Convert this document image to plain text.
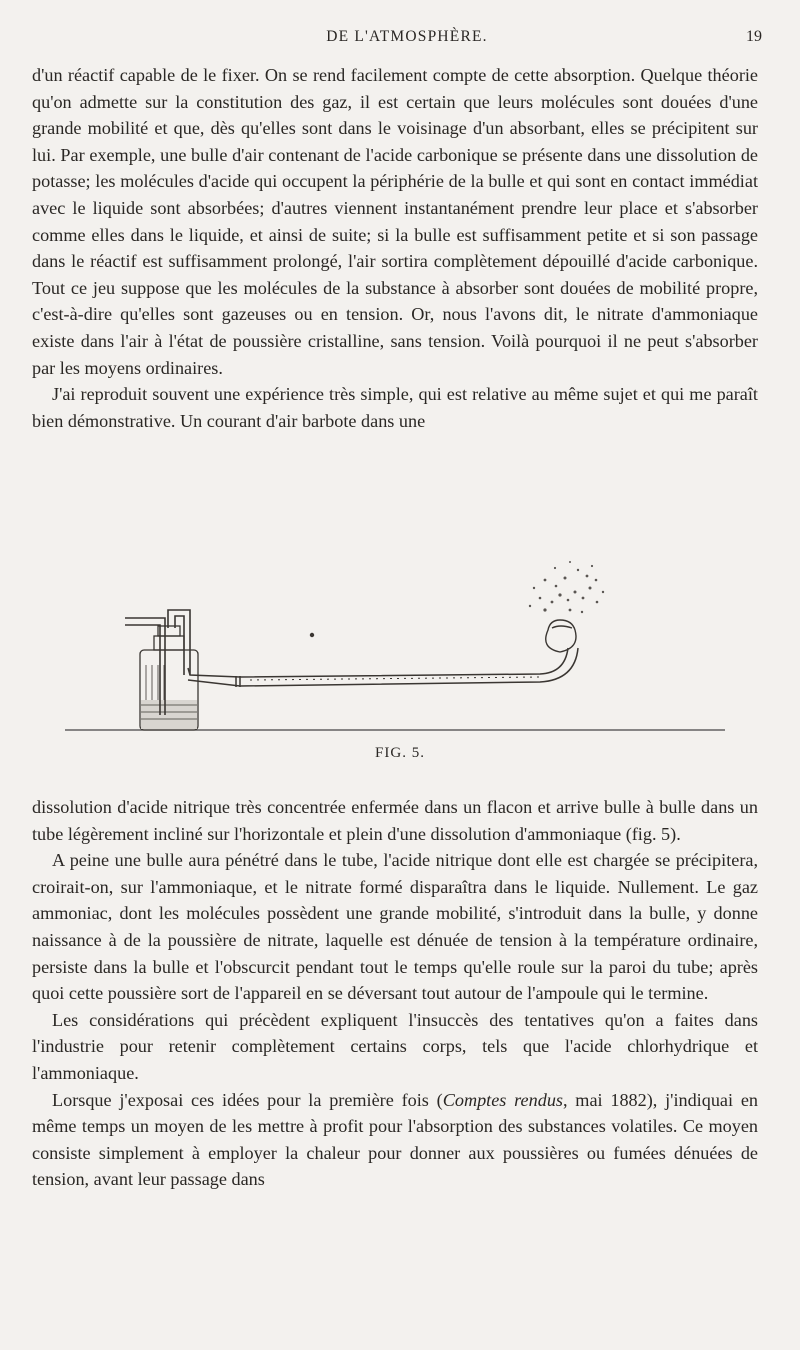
DE L'ATMOSPHÈRE.	19

d'un réactif capable de le fixer. On se rend facilement compte de cette absorption. Quelque théorie qu'on admette sur la constitution des gaz, il est certain que leurs molécules sont douées d'une grande mobilité et que, dès qu'elles sont dans le voisinage d'un absorbant, elles se précipitent sur lui. Par exemple, une bulle d'air contenant de l'acide carbonique se présente dans une dissolution de potasse; les molécules d'acide qui occupent la périphérie de la bulle et qui sont en contact immédiat avec le liquide sont absorbées; d'autres viennent instantanément prendre leur place et s'absorber comme elles dans le liquide, et ainsi de suite; si la bulle est suffisamment petite et si son passage dans le réactif est suffisamment prolongé, l'air sortira complètement dépouillé d'acide carbonique. Tout ce jeu suppose que les molécules de la substance à absorber sont douées de mobilité propre, c'est-à-dire qu'elles sont gazeuses ou en tension. Or, nous l'avons dit, le nitrate d'ammoniaque existe dans l'air à l'état de poussière cristalline, sans tension. Voilà pourquoi il ne peut s'absorber par les moyens ordinaires.

J'ai reproduit souvent une expérience très simple, qui est relative au même sujet et qui me paraît bien démonstrative. Un courant d'air barbote dans une

FIG. 5.

dissolution d'acide nitrique très concentrée enfermée dans un flacon et arrive bulle à bulle dans un tube légèrement incliné sur l'horizontale et plein d'une dissolution d'ammoniaque (fig. 5).

A peine une bulle aura pénétré dans le tube, l'acide nitrique dont elle est chargée se précipitera, croirait-on, sur l'ammoniaque, et le nitrate formé disparaîtra dans le liquide. Nullement. Le gaz ammoniac, dont les molécules possèdent une grande mobilité, s'introduit dans la bulle, y donne naissance à de la poussière de nitrate, laquelle est dénuée de tension à la température ordinaire, persiste dans la bulle et l'obscurcit pendant tout le temps qu'elle roule sur la paroi du tube; après quoi cette poussière sort de l'appareil en se déversant tout autour de l'ampoule qui le termine.

Les considérations qui précèdent expliquent l'insuccès des tentatives qu'on a faites dans l'industrie pour retenir complètement certains corps, tels que l'acide chlorhydrique et l'ammoniaque.

Lorsque j'exposai ces idées pour la première fois (Comptes rendus, mai 1882), j'indiquai en même temps un moyen de les mettre à profit pour l'absorption des substances volatiles. Ce moyen consiste simplement à employer la chaleur pour donner aux poussières ou fumées dénuées de tension, avant leur passage dans
